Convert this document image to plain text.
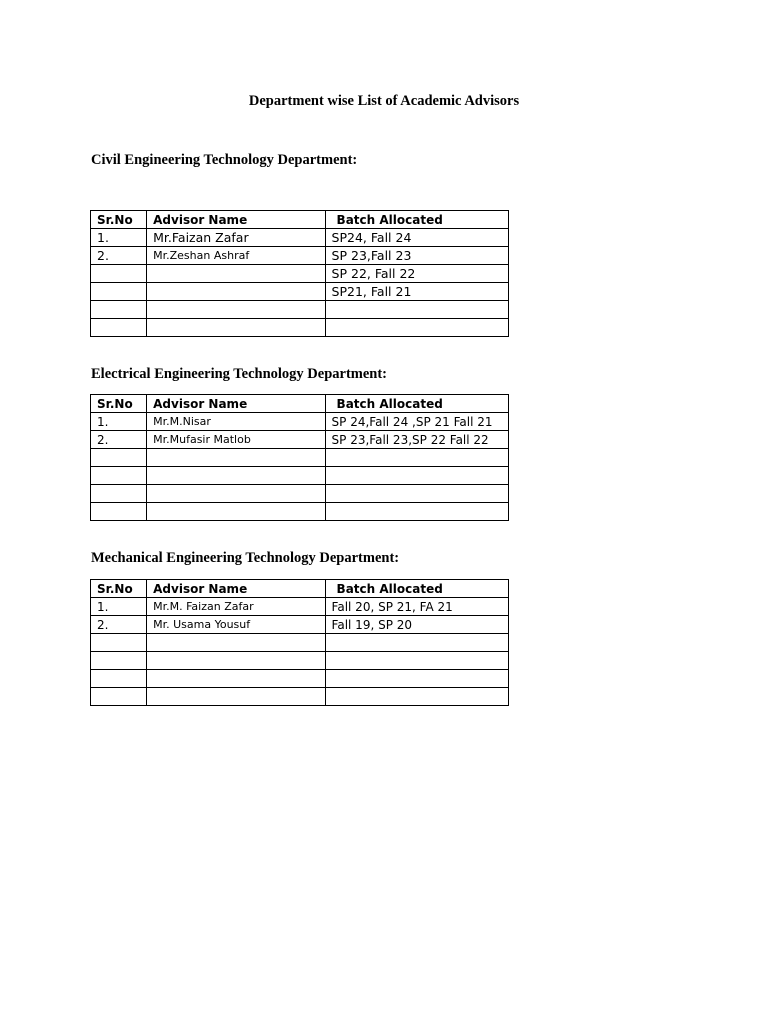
Department wise List of Academic Advisors
Civil Engineering Technology Department:
Sr.No	Advisor Name	Batch Allocated
1.	Mr.Faizan Zafar	SP24, Fall 24
2.	Mr.Zeshan Ashraf	SP 23,Fall 23
		SP 22, Fall 22
		SP21, Fall 21

Electrical Engineering Technology Department:
Sr.No	Advisor Name	Batch Allocated
1.	Mr.M.Nisar	SP 24,Fall 24 ,SP 21 Fall 21
2.	Mr.Mufasir Matlob	SP 23,Fall 23,SP 22 Fall 22

Mechanical Engineering Technology Department:
Sr.No	Advisor Name	Batch Allocated
1.	Mr.M. Faizan Zafar	Fall 20, SP 21, FA 21
2.	Mr. Usama Yousuf	Fall 19, SP 20
